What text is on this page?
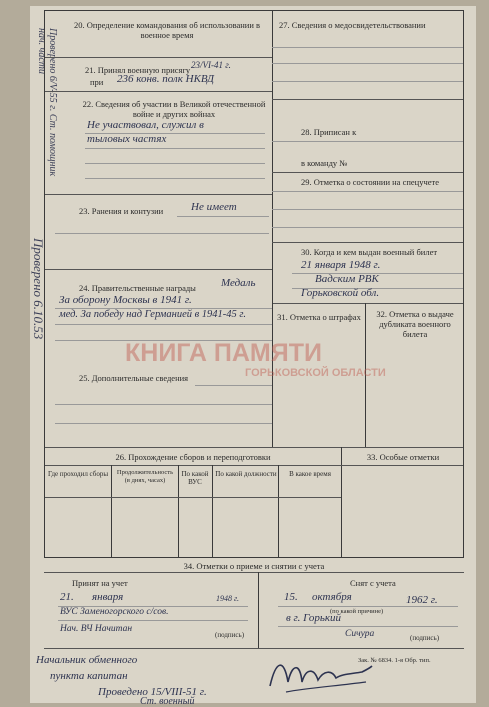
Проверено 6/V-55 г. Ст. помощник нач. части
Проверено 6.10.53
20. Определение командования об использовании в военное время
27. Сведения о медосвидетельствовании
21. Принял военную присягу 23/VI-41 г.
при 236 конв. полк НКВД
22. Сведения об участии в Великой отечественной войне и других войнах
Не участвовал, служил в
тыловых частях
28. Приписан к
в команду №
29. Отметка о состоянии на спецучете
23. Ранения и контузии	Не имеет
30. Когда и кем выдан военный билет
21 января 1948 г.
Вадским РВК
Горьковской обл.
24. Правительственные награды Медаль
За оборону Москвы в 1941 г.
мед. За победу над Германией в 1941-45 г.	31. Отметка о штрафах	32. Отметка о выдаче дубликата военного билета
25. Дополнительные сведения
КНИГА ПАМЯТИ
ГОРЬКОВСКОЙ ОБЛАСТИ
26. Прохождение сборов и переподготовки	33. Особые отметки
Где проходил сборы	Продолжительность (в днях, часах)
По какой ВУС
По какой должности	В какое время
34. Отметки о приеме и снятии с учета
Принят на учет
21. января	1948 г.
ВУС Заменогорского с/сов.
Нач. ВЧ Начитан
(подпись)
Снят с учета
15. октября	1962 г.
(по какой причине)
в г. Горький
Сичура	(подпись)
Начальник обменного
пункта капитан
Проведено 15/VIII-51 г.
Ст. военный
Зак. № 6834. 1-я Обр. тип.
